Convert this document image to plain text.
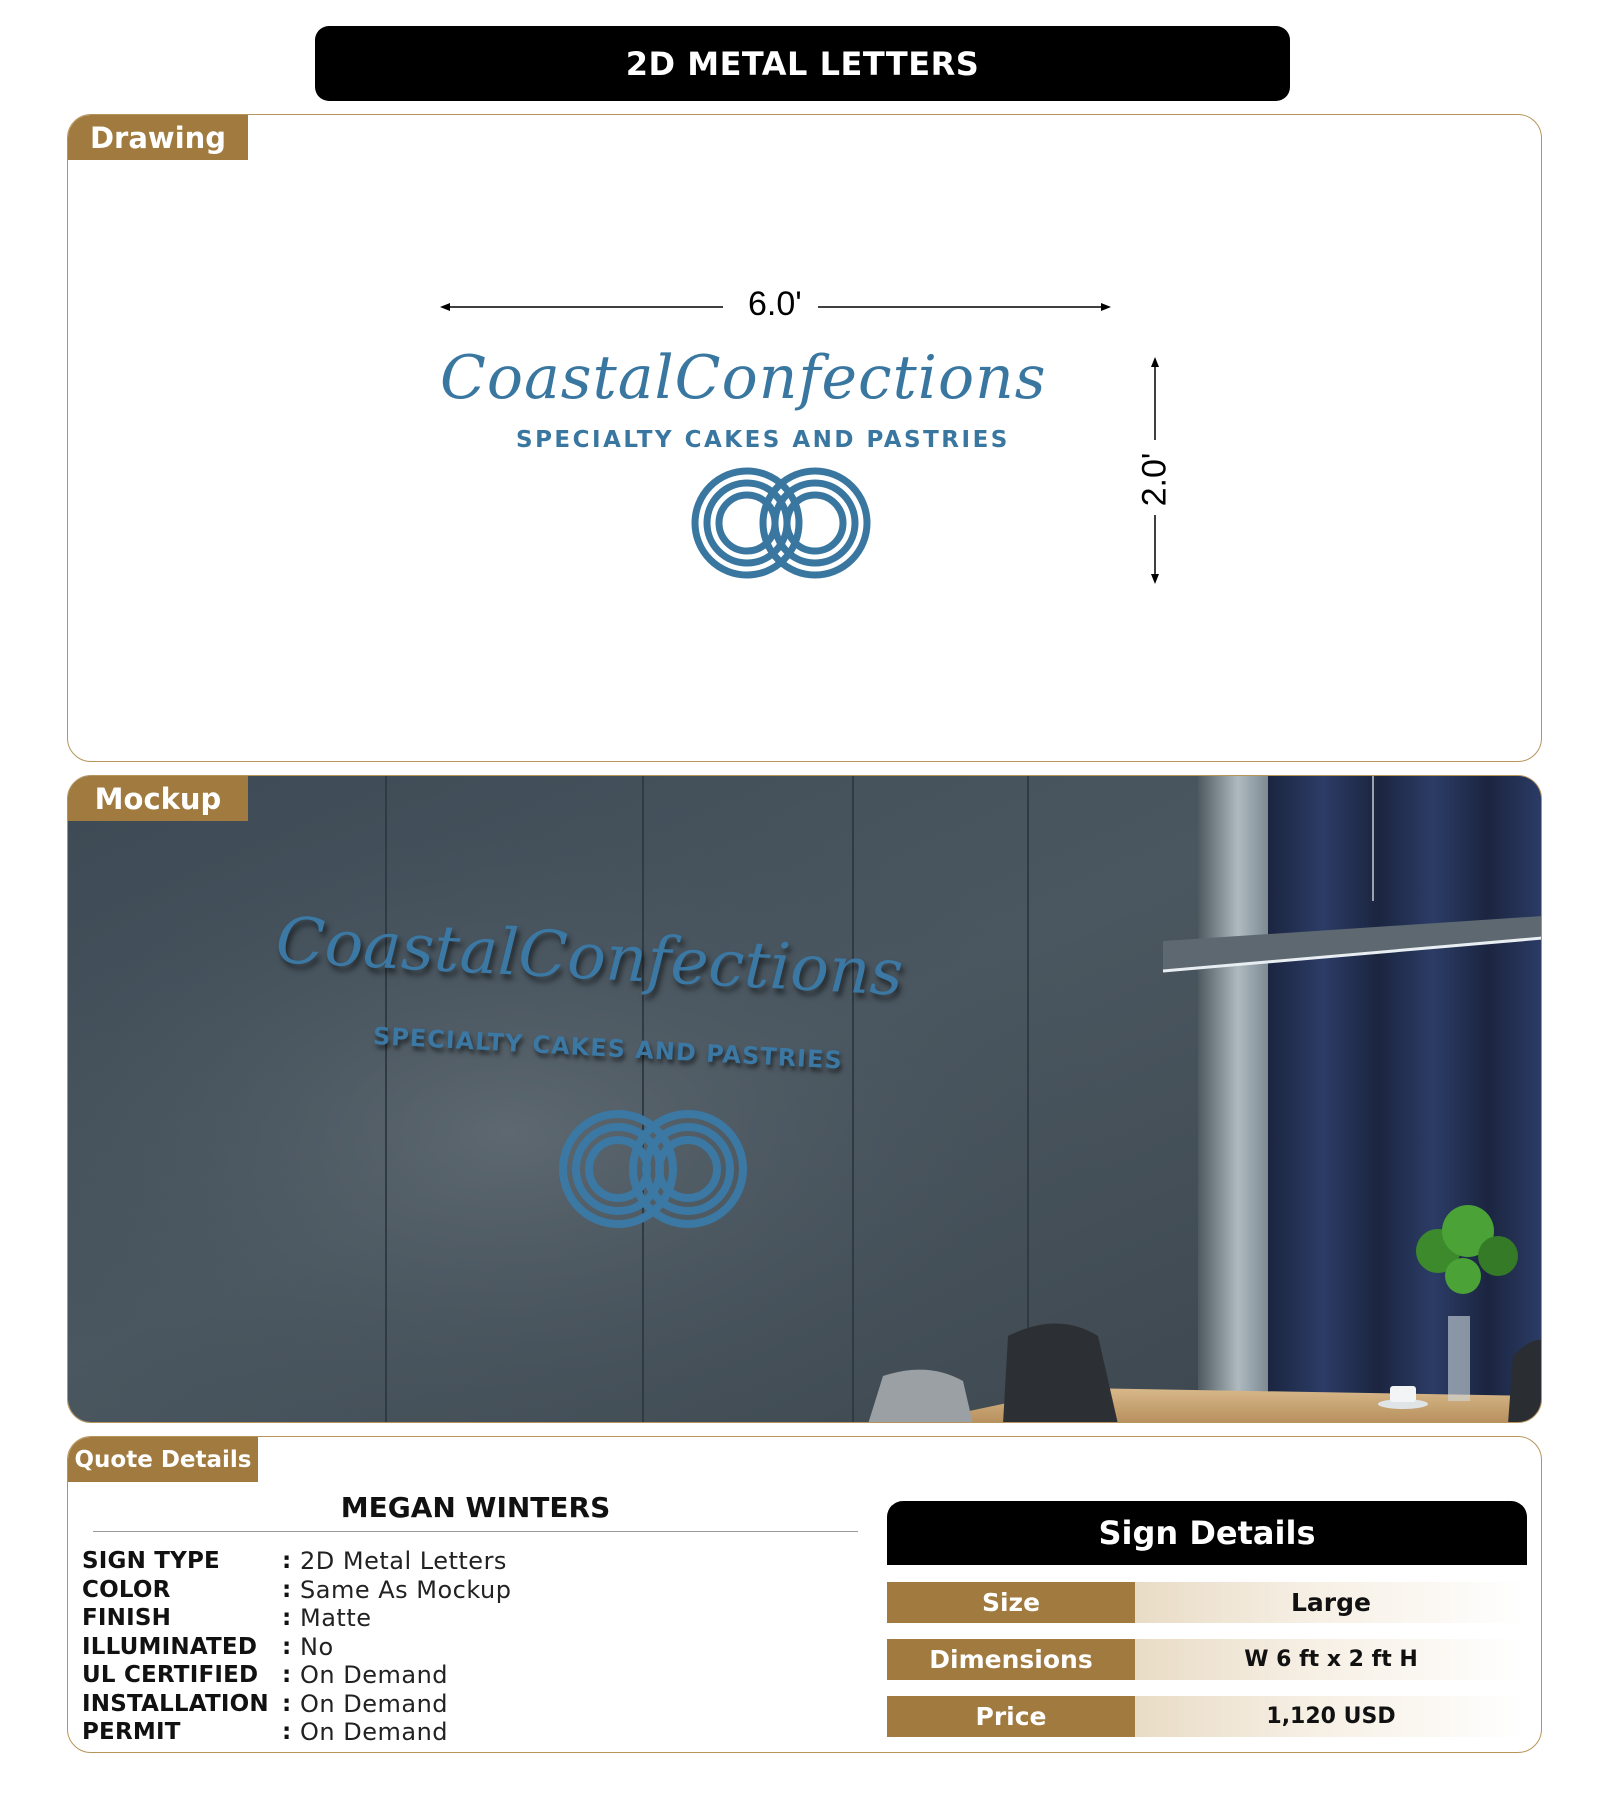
2D METAL LETTERS
Drawing
6.0'
2.0'
CoastalConfections
SPECIALTY CAKES AND PASTRIES
Mockup
CoastalConfections
SPECIALTY CAKES AND PASTRIES
Quote Details
MEGAN WINTERS
SIGN TYPE	: 2D Metal Letters
COLOR	: Same As Mockup
FINISH	: Matte
ILLUMINATED	: No
UL CERTIFIED	: On Demand
INSTALLATION : On Demand
PERMIT	: On Demand
Sign Details
Size	Large
Dimensions	W 6 ft x 2 ft H
Price	1,120 USD
